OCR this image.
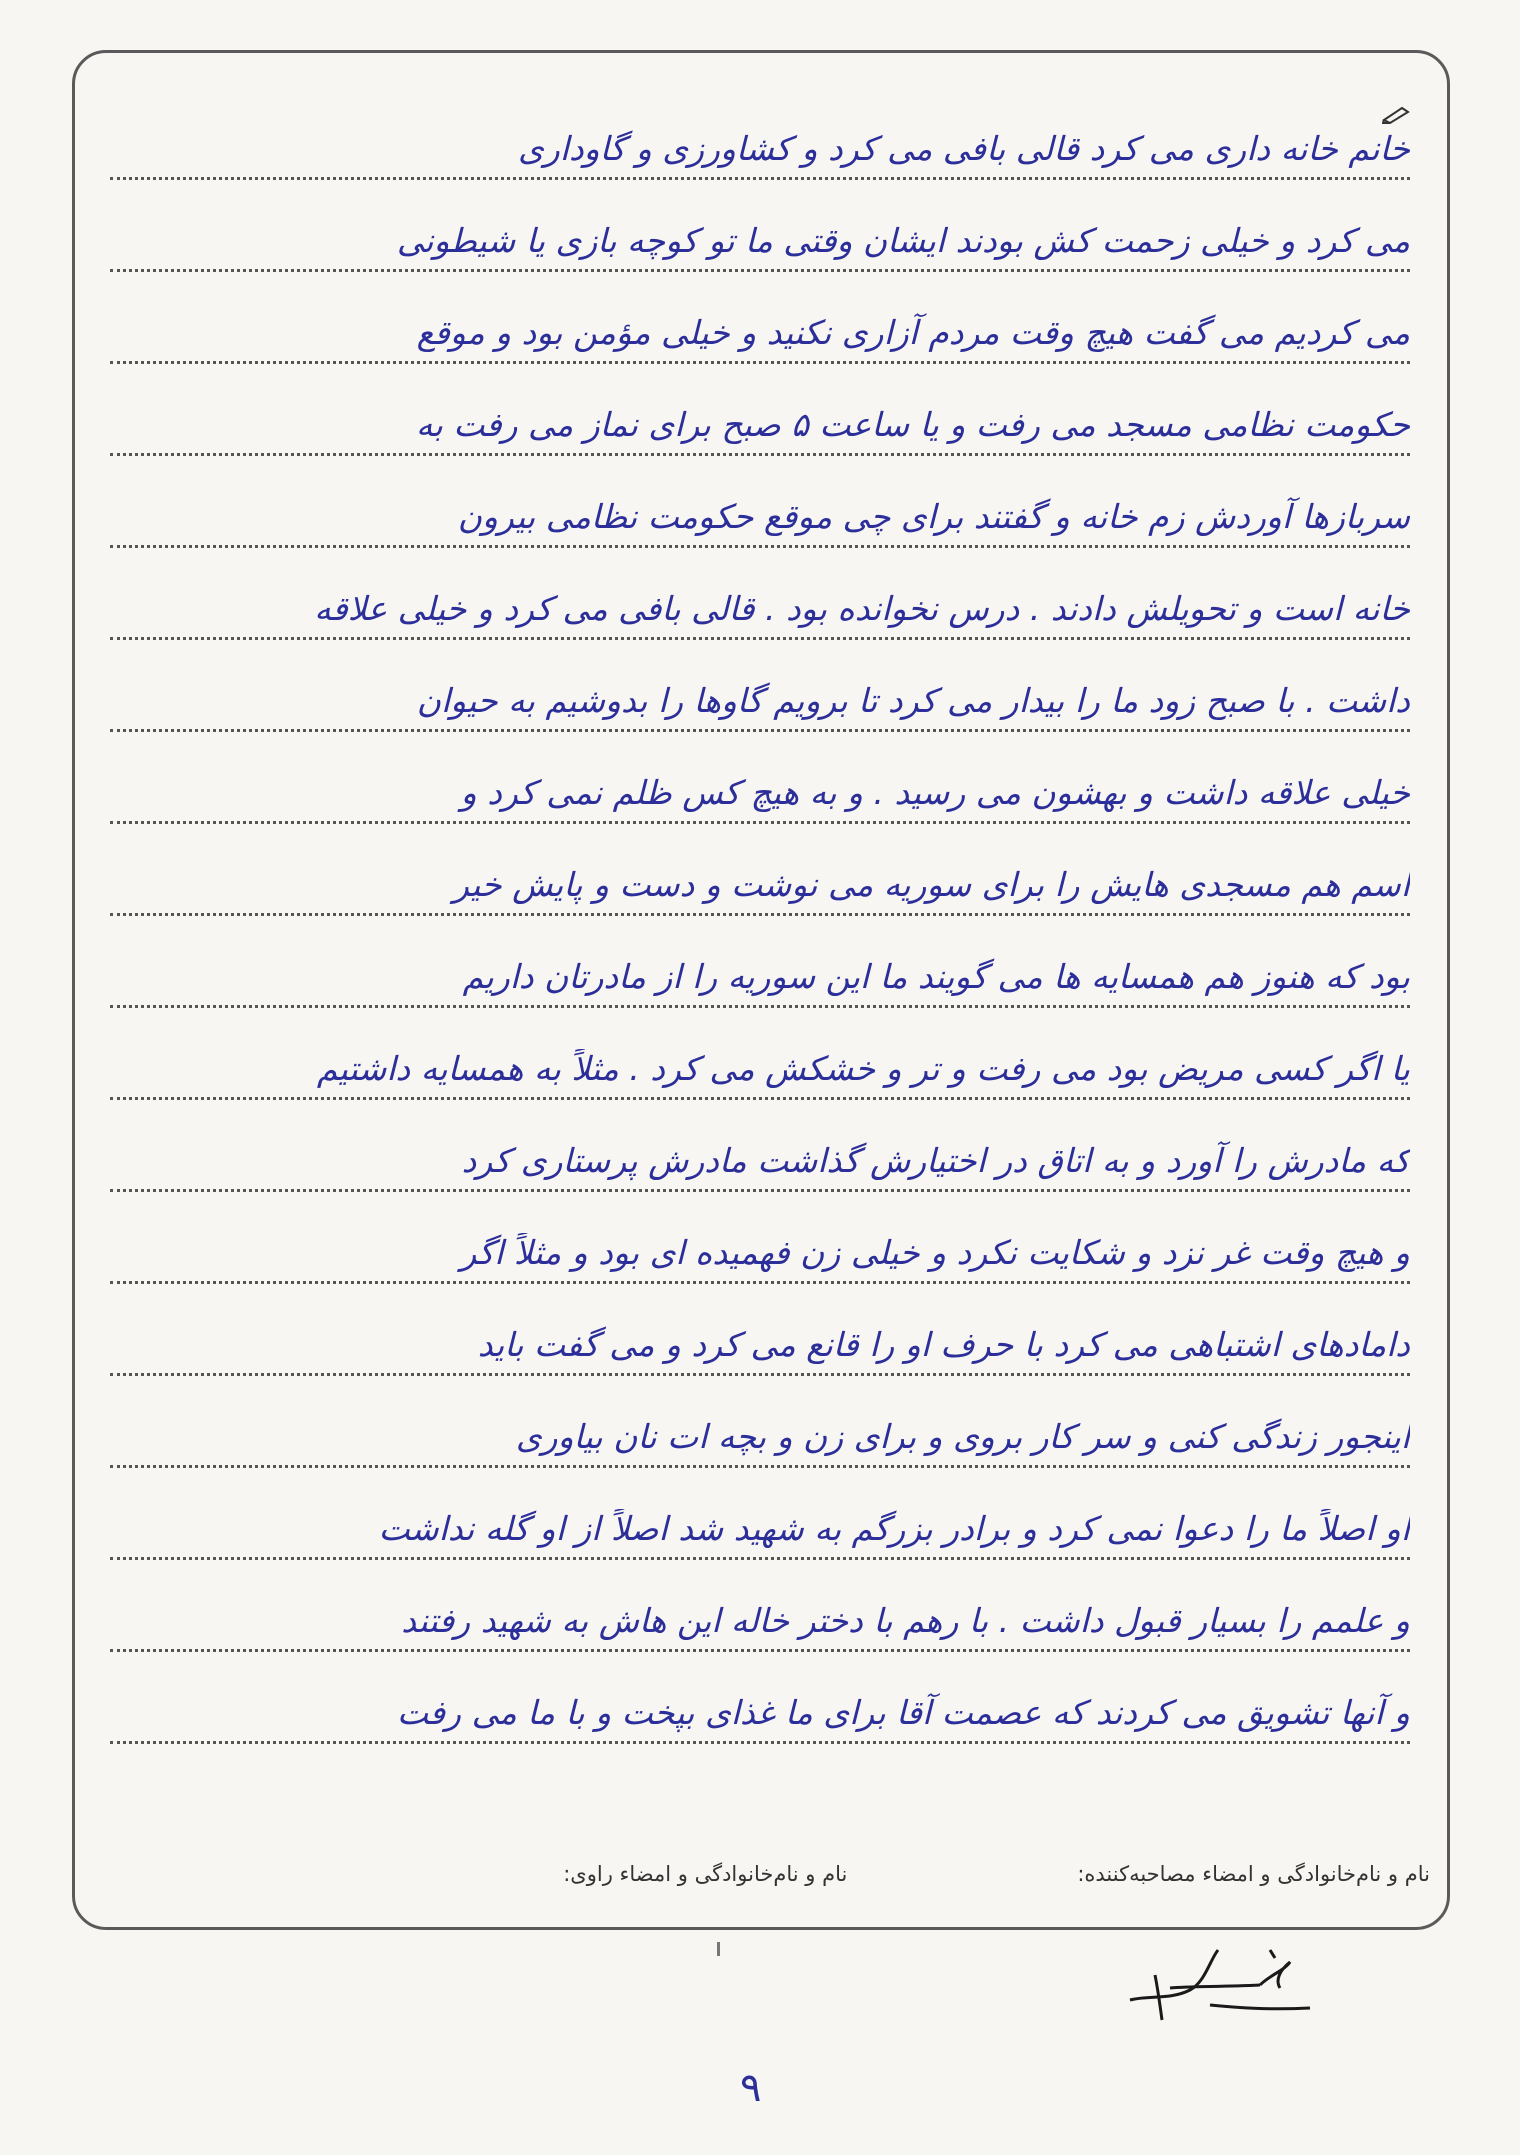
خانم خانه داری می کرد قالی بافی می کرد و کشاورزی و گاوداری
می کرد و خیلی زحمت کش بودند ایشان وقتی ما تو کوچه بازی یا شیطونی
می کردیم می گفت هیچ وقت مردم آزاری نکنید و خیلی مؤمن بود و موقع
حکومت نظامی مسجد می رفت و یا ساعت ۵ صبح برای نماز می رفت به
سربازها آوردش زم خانه و گفتند برای چی موقع حکومت نظامی بیرون
خانه است و تحویلش دادند . درس نخوانده بود . قالی بافی می کرد و خیلی علاقه
داشت . با صبح زود ما را بیدار می کرد تا برویم گاوها را بدوشیم به حیوان
خیلی علاقه داشت و بهشون می رسید . و به هیچ کس ظلم نمی کرد و
اسم هم مسجدی هایش را برای سوریه می نوشت و دست و پایش خیر
بود که هنوز هم همسایه ها می گویند ما این سوریه را از مادرتان داریم
یا اگر کسی مریض بود می رفت و تر و خشکش می کرد . مثلاً به همسایه داشتیم
که مادرش را آورد و به اتاق در اختیارش گذاشت مادرش پرستاری کرد
و هیچ وقت غر نزد و شکایت نکرد و خیلی زن فهمیده ای بود و مثلاً اگر
دامادهای اشتباهی می کرد با حرف او را قانع می کرد و می گفت باید
اینجور زندگی کنی و سر کار بروی و برای زن و بچه ات نان بیاوری
او اصلاً ما را دعوا نمی کرد و برادر بزرگم به شهید شد اصلاً از او گله نداشت
و علمم را بسیار قبول داشت . با رهم با دختر خاله این هاش به شهید رفتند
و آنها تشویق می کردند که عصمت آقا برای ما غذای بپخت و با ما می رفت
نام و نام‌خانوادگی و امضاء مصاحبه‌کننده:
نام و نام‌خانوادگی و امضاء راوی:
۹
